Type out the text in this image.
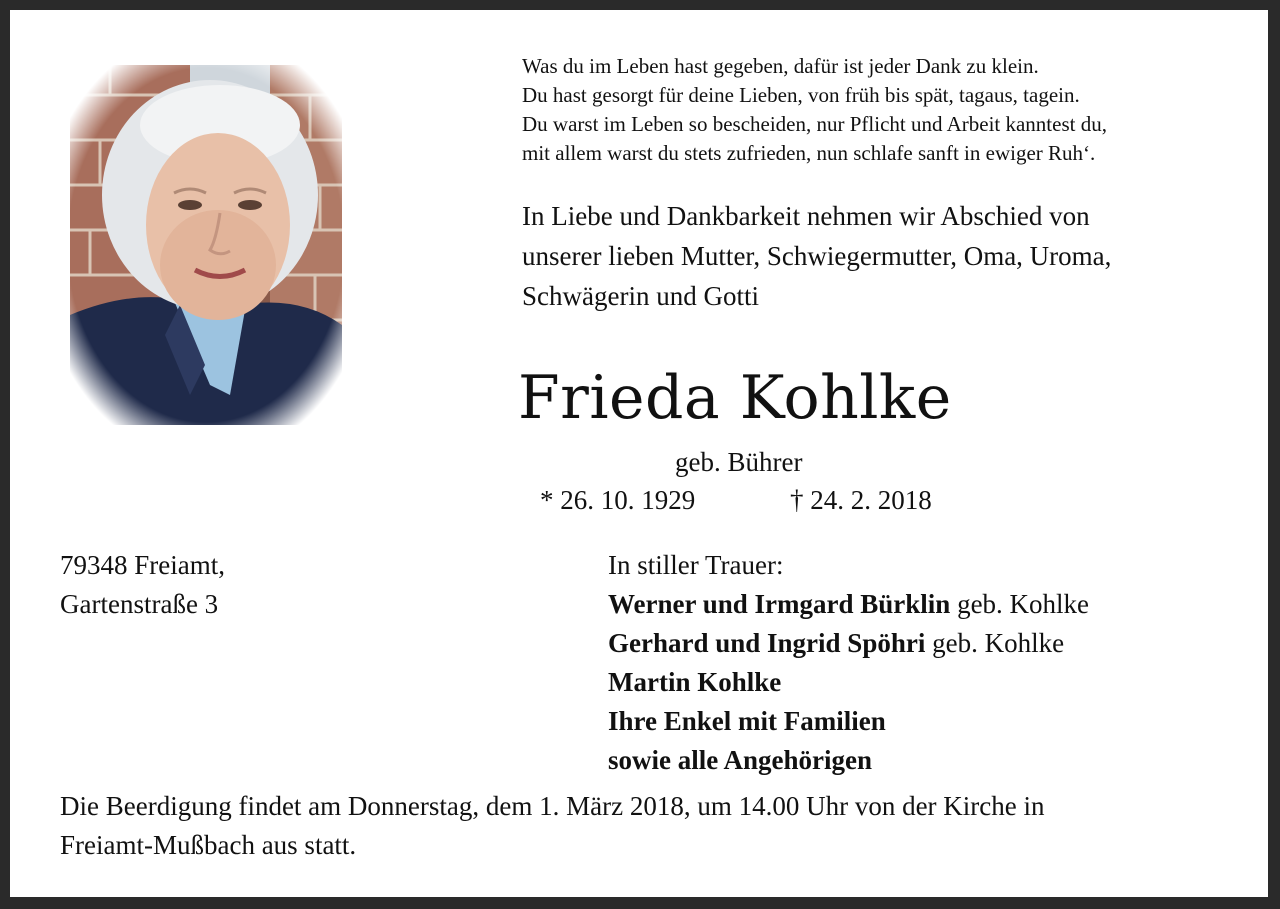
Was du im Leben hast gegeben, dafür ist jeder Dank zu klein.
Du hast gesorgt für deine Lieben, von früh bis spät, tagaus, tagein.
Du warst im Leben so bescheiden, nur Pflicht und Arbeit kanntest du,
mit allem warst du stets zufrieden, nun schlafe sanft in ewiger Ruh‘.
In Liebe und Dankbarkeit nehmen wir Abschied von
unserer lieben Mutter, Schwiegermutter, Oma, Uroma,
Schwägerin und Gotti
Frieda Kohlke
geb. Bührer
* 26. 10. 1929	† 24. 2. 2018
79348 Freiamt,
Gartenstraße 3
In stiller Trauer:
Werner und Irmgard Bürklin geb. Kohlke
Gerhard und Ingrid Spöhri geb. Kohlke
Martin Kohlke
Ihre Enkel mit Familien
sowie alle Angehörigen
Die Beerdigung findet am Donnerstag, dem 1. März 2018, um 14.00 Uhr von der Kirche in
Freiamt-Mußbach aus statt.
